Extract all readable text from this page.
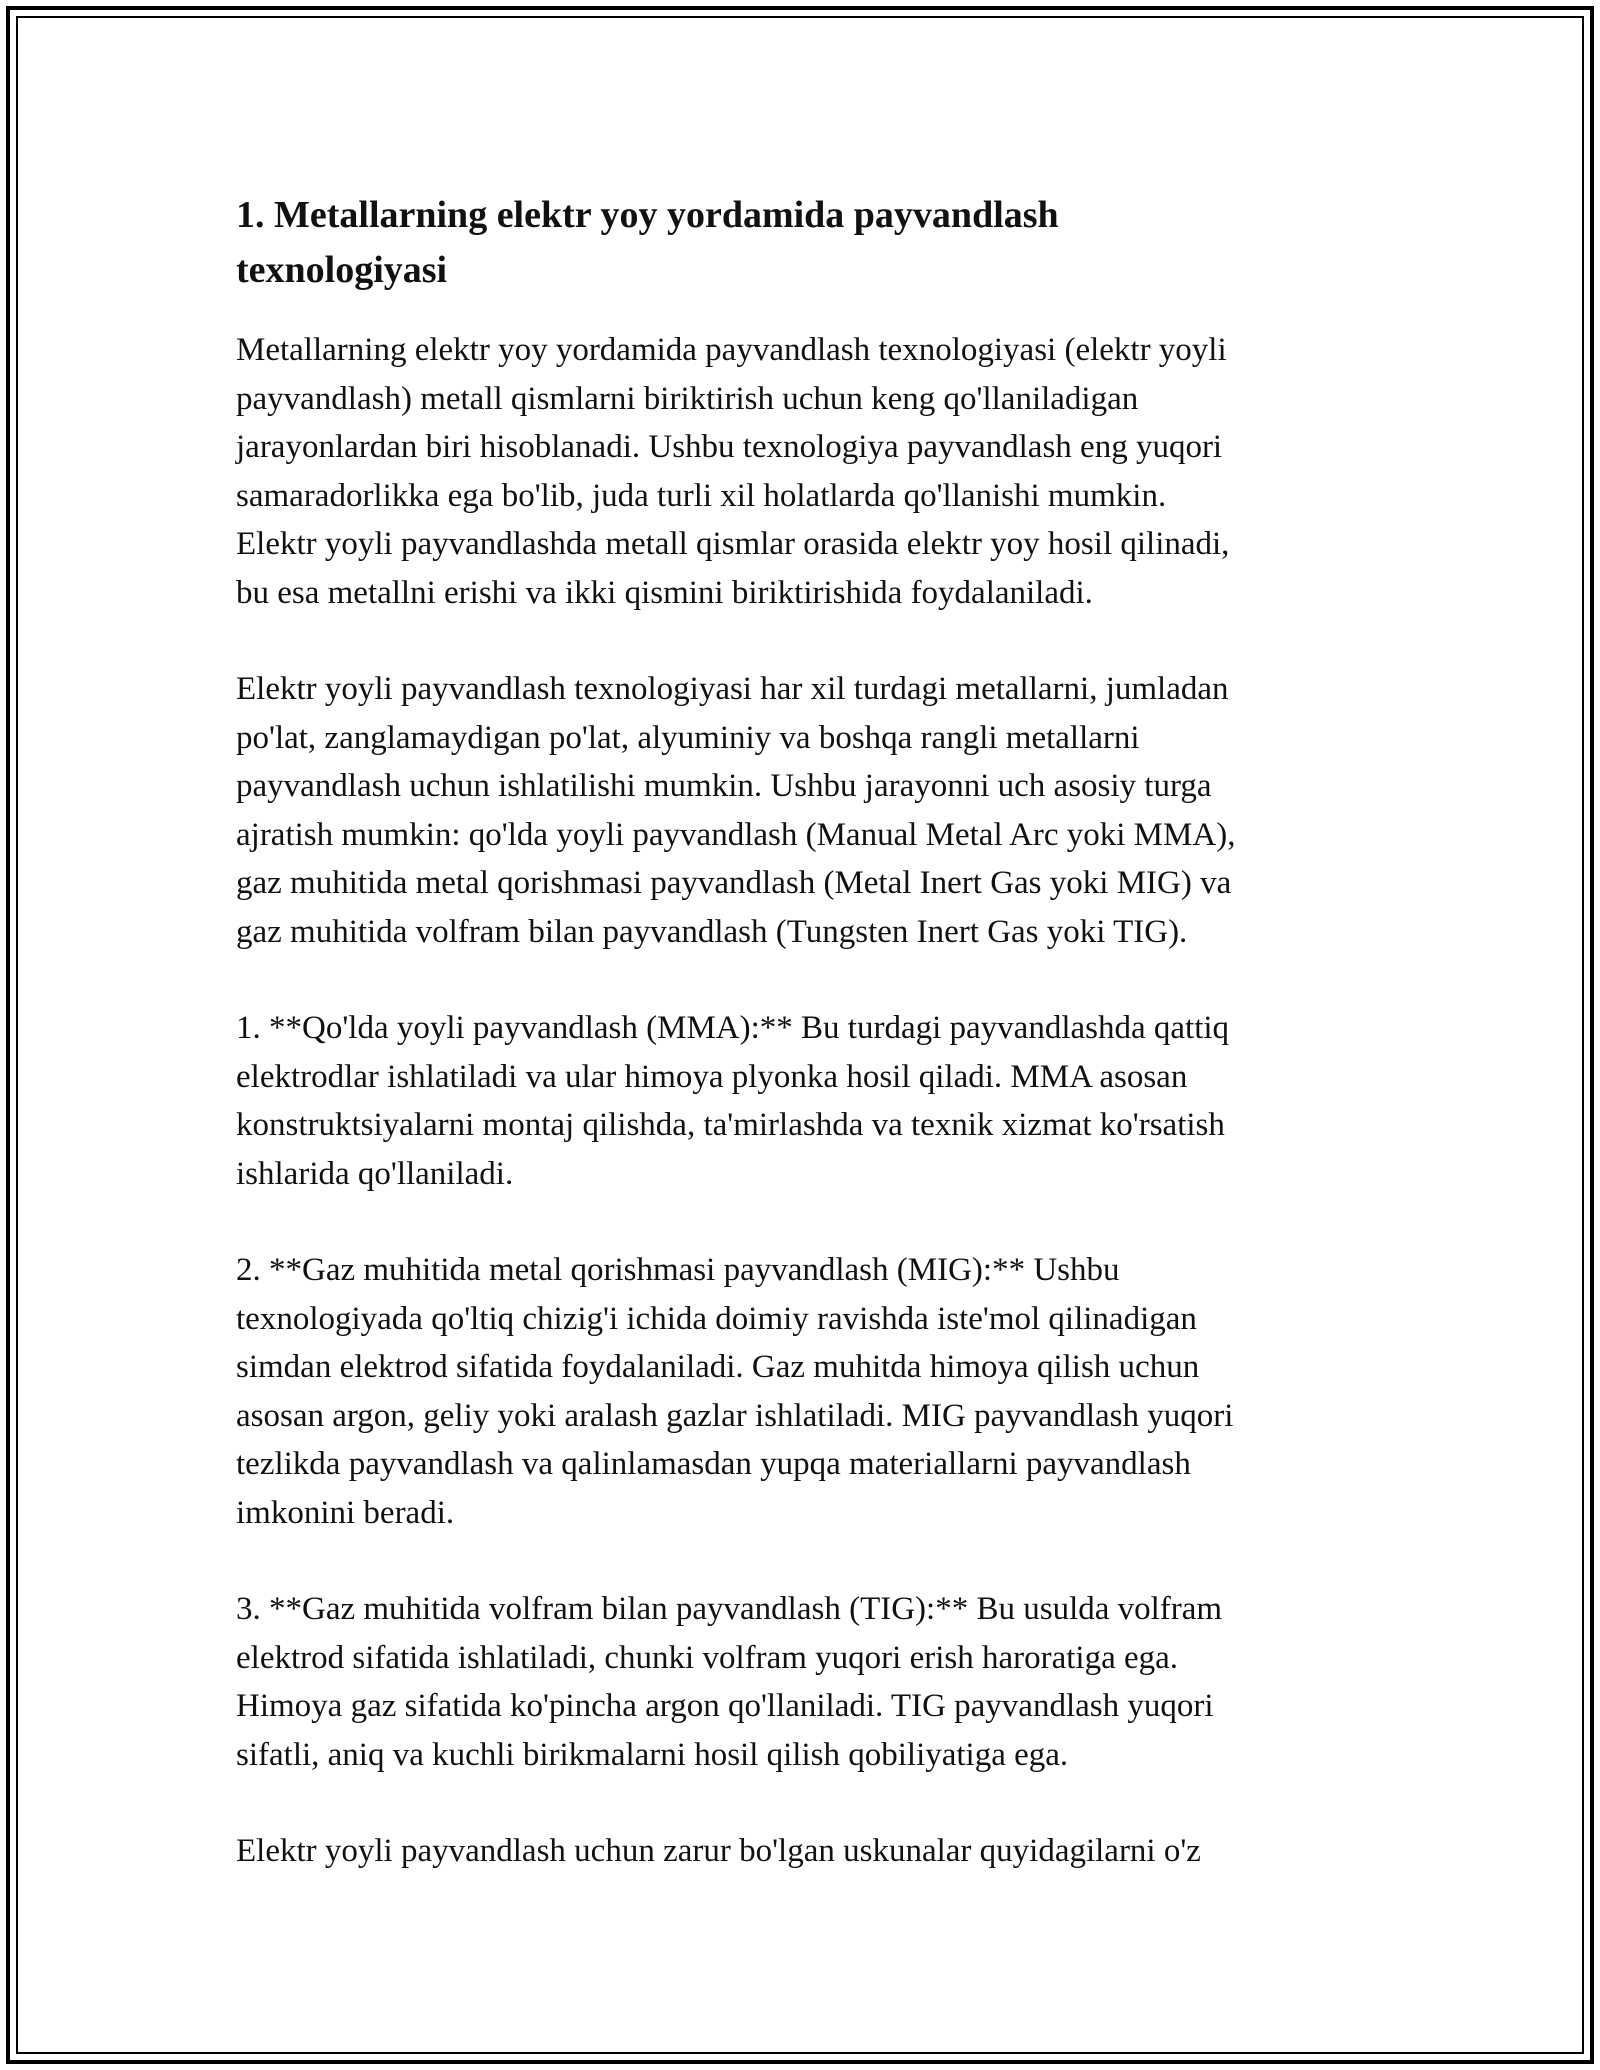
1. Metallarning elektr yoy yordamida payvandlash
texnologiyasi

Metallarning elektr yoy yordamida payvandlash texnologiyasi (elektr yoyli
payvandlash) metall qismlarni biriktirish uchun keng qo'llaniladigan
jarayonlardan biri hisoblanadi. Ushbu texnologiya payvandlash eng yuqori
samaradorlikka ega bo'lib, juda turli xil holatlarda qo'llanishi mumkin.
Elektr yoyli payvandlashda metall qismlar orasida elektr yoy hosil qilinadi,
bu esa metallni erishi va ikki qismini biriktirishida foydalaniladi.

Elektr yoyli payvandlash texnologiyasi har xil turdagi metallarni, jumladan
po'lat, zanglamaydigan po'lat, alyuminiy va boshqa rangli metallarni
payvandlash uchun ishlatilishi mumkin. Ushbu jarayonni uch asosiy turga
ajratish mumkin: qo'lda yoyli payvandlash (Manual Metal Arc yoki MMA),
gaz muhitida metal qorishmasi payvandlash (Metal Inert Gas yoki MIG) va
gaz muhitida volfram bilan payvandlash (Tungsten Inert Gas yoki TIG).

1. **Qo'lda yoyli payvandlash (MMA):** Bu turdagi payvandlashda qattiq
elektrodlar ishlatiladi va ular himoya plyonka hosil qiladi. MMA asosan
konstruktsiyalarni montaj qilishda, ta'mirlashda va texnik xizmat ko'rsatish
ishlarida qo'llaniladi.

2. **Gaz muhitida metal qorishmasi payvandlash (MIG):** Ushbu
texnologiyada qo'ltiq chizig'i ichida doimiy ravishda iste'mol qilinadigan
simdan elektrod sifatida foydalaniladi. Gaz muhitda himoya qilish uchun
asosan argon, geliy yoki aralash gazlar ishlatiladi. MIG payvandlash yuqori
tezlikda payvandlash va qalinlamasdan yupqa materiallarni payvandlash
imkonini beradi.

3. **Gaz muhitida volfram bilan payvandlash (TIG):** Bu usulda volfram
elektrod sifatida ishlatiladi, chunki volfram yuqori erish haroratiga ega.
Himoya gaz sifatida ko'pincha argon qo'llaniladi. TIG payvandlash yuqori
sifatli, aniq va kuchli birikmalarni hosil qilish qobiliyatiga ega.

Elektr yoyli payvandlash uchun zarur bo'lgan uskunalar quyidagilarni o'z
